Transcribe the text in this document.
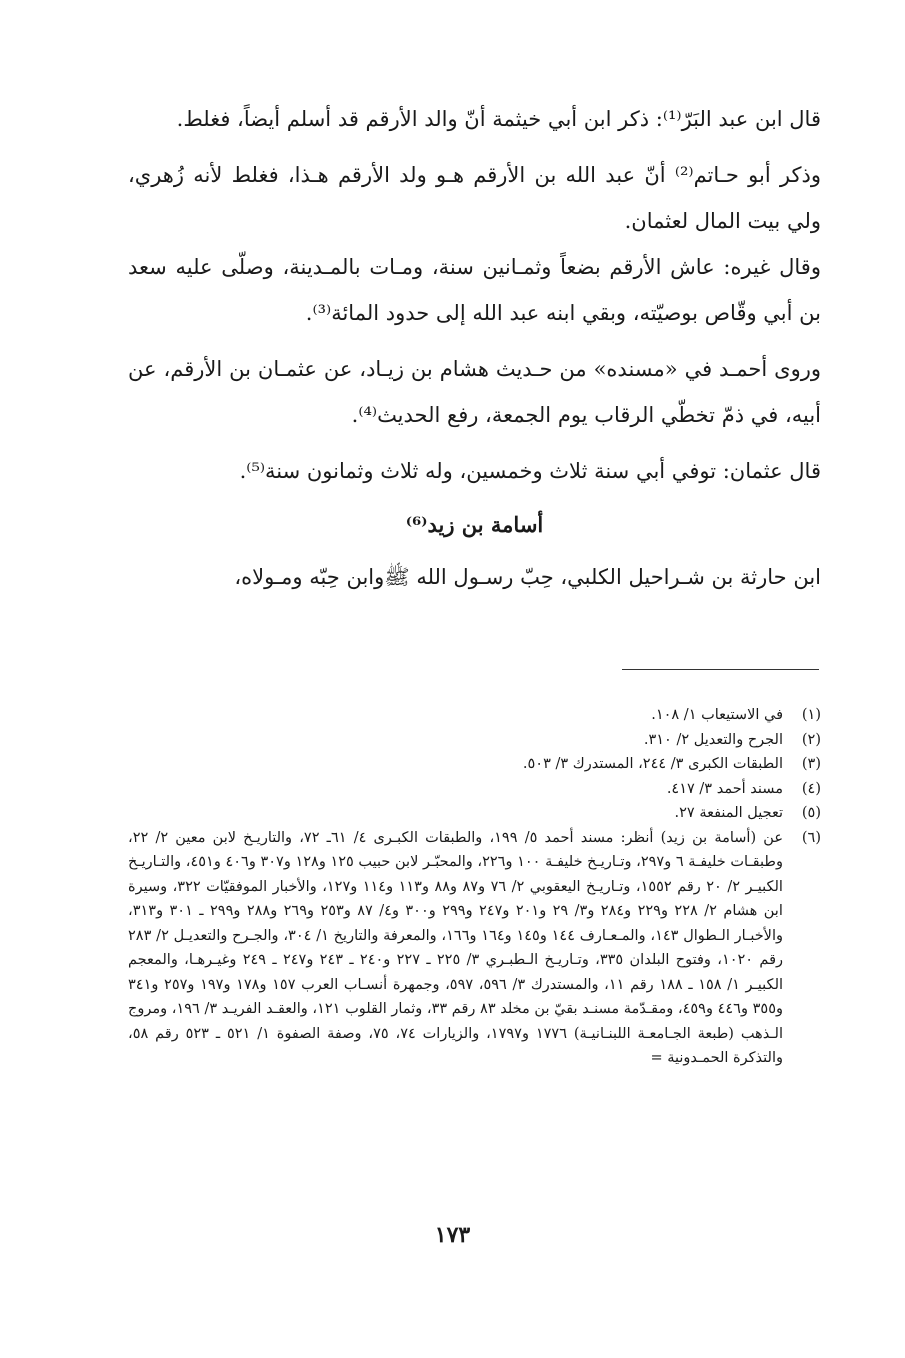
قال ابن عبد البَرّ⁽¹⁾: ذكر ابن أبي خيثمة أنّ والد الأرقم قد أسلم أيضاً، فغلط.

وذكر أبو حـاتم⁽²⁾ أنّ عبد الله بن الأرقم هـو ولد الأرقم هـذا، فغلط لأنه زُهري، ولي بيت المال لعثمان.

وقال غيره: عاش الأرقم بضعاً وثمـانين سنة، ومـات بالمـدينة، وصلّى عليه سعد بن أبي وقّاص بوصيّته، وبقي ابنه عبد الله إلى حدود المائة⁽³⁾.

وروى أحمـد في «مسنده» من حـديث هشام بن زيـاد، عن عثمـان بن الأرقم، عن أبيه، في ذمّ تخطّي الرقاب يوم الجمعة، رفع الحديث⁽⁴⁾.

قال عثمان: توفي أبي سنة ثلاث وخمسين، وله ثلاث وثمانون سنة⁽⁵⁾.

أسامة بن زيد⁽⁶⁾

ابن حارثة بن شـراحيل الكلبي، حِبّ رسـول الله ﷺوابن حِبّه ومـولاه،

(١)
في الاستيعاب ١/ ١٠٨.
(٢)
الجرح والتعديل ٢/ ٣١٠.
(٣)
الطبقات الكبرى ٣/ ٢٤٤، المستدرك ٣/ ٥٠٣.
(٤)
مسند أحمد ٣/ ٤١٧.
(٥)
تعجيل المنفعة ٢٧.
(٦)
عن (أسامة بن زيد) أنظر: مسند أحمد ٥/ ١٩٩، والطبقات الكبـرى ٤/ ٦١ـ ٧٢، والتاريـخ لابن معين ٢/ ٢٢، وطبقـات خليفـة ٦ و٢٩٧، وتـاريـخ خليفـة ١٠٠ و٢٢٦، والمحبّـر لابن حبيب ١٢٥ و١٢٨ و٣٠٧ و٤٠٦ و٤٥١، والتـاريـخ الكبيـر ٢/ ٢٠ رقم ١٥٥٢، وتـاريـخ اليعقوبي ٢/ ٧٦ و٨٧ و٨٨ و١١٣ و١١٤ و١٢٧، والأخبار الموفقيّات ٣٢٢، وسيرة ابن هشام ٢/ ٢٢٨ و٢٢٩ و٢٨٤ و٣/ ٢٩ و٢٠١ و٢٤٧ و٢٩٩ و٣٠٠ و٤/ ٨٧ و٢٥٣ و٢٦٩ و٢٨٨ و٢٩٩ ـ ٣٠١ و٣١٣، والأخبـار الـطوال ١٤٣، والمـعـارف ١٤٤ و١٤٥ و١٦٤ و١٦٦، والمعرفة والتاريخ ١/ ٣٠٤، والجـرح والتعديـل ٢/ ٢٨٣ رقم ١٠٢٠، وفتوح البلدان ٣٣٥، وتـاريـخ الـطبـري ٣/ ٢٢٥ ـ ٢٢٧ و٢٤٠ ـ ٢٤٣ و٢٤٧ ـ ٢٤٩ وغيـرهـا، والمعجم الكبيـر ١/ ١٥٨ ـ ١٨٨ رقم ١١، والمستدرك ٣/ ٥٩٦، ٥٩٧، وجمهرة أنسـاب العرب ١٥٧ و١٧٨ و١٩٧ و٢٥٧ و٣٤١ و٣٥٥ و٤٤٦ و٤٥٩، ومقـدّمة مسنـد بقيّ بن مخلد ٨٣ رقم ٣٣، وثمار القلوب ١٢١، والعقـد الفريـد ٣/ ١٩٦، ومروج الـذهب (طبعة الجـامعـة اللبنـانيـة) ١٧٧٦ و١٧٩٧، والزيارات ٧٤، ٧٥، وصفة الصفوة ١/ ٥٢١ ـ ٥٢٣ رقم ٥٨، والتذكرة الحمـدونية =
١٧٣
